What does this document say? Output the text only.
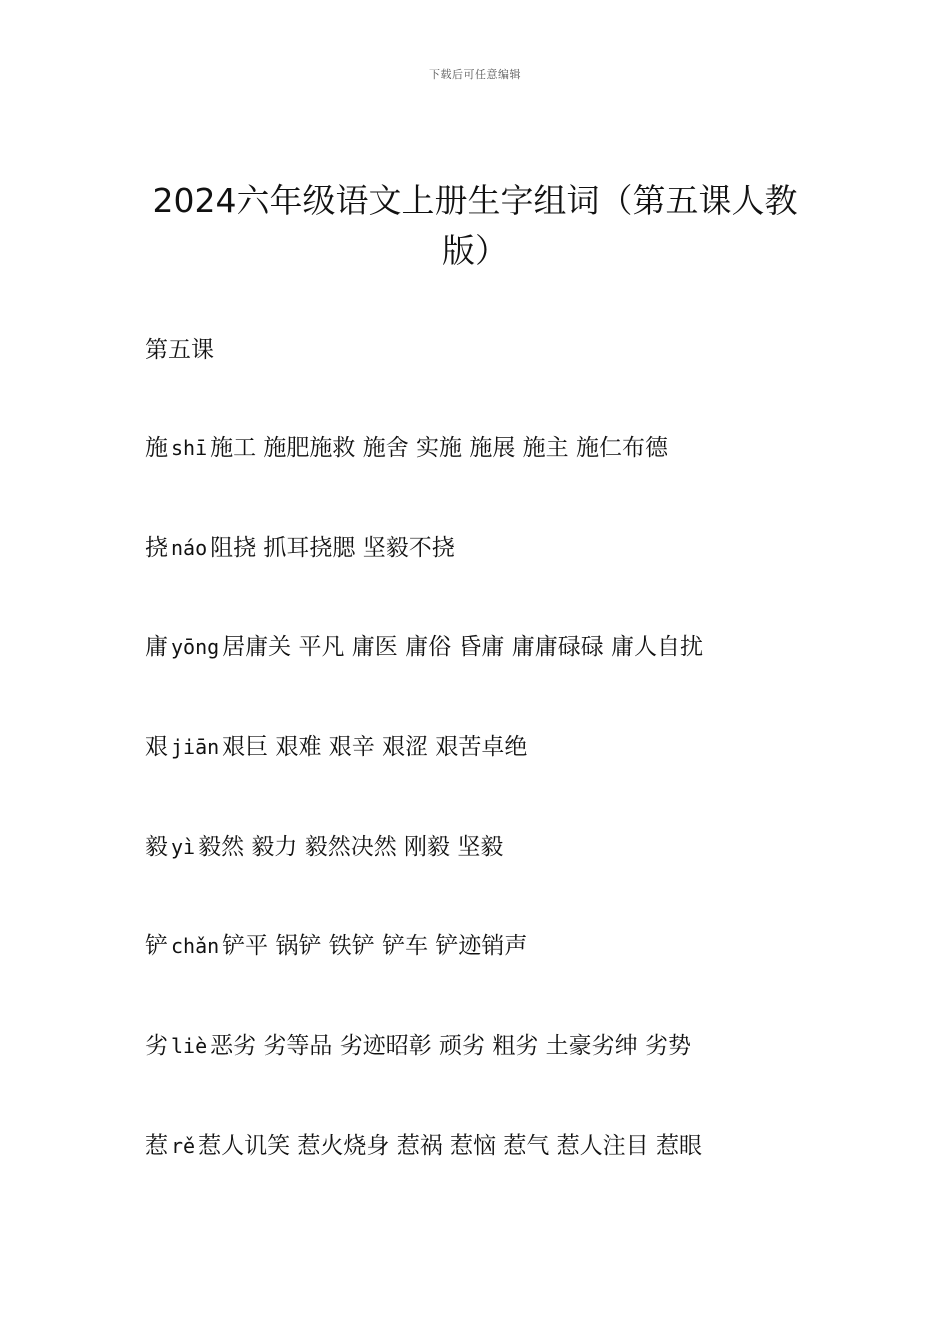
下载后可任意编辑
2024六年级语文上册生字组词（第五课人教版）
第五课
施 shī 施工 施肥施救 施舍 实施 施展 施主 施仁布德
挠 náo 阻挠 抓耳挠腮 坚毅不挠
庸 yōng 居庸关 平凡 庸医 庸俗 昏庸 庸庸碌碌 庸人自扰
艰 jiān 艰巨 艰难 艰辛 艰涩 艰苦卓绝
毅 yì 毅然 毅力 毅然决然 刚毅 坚毅
铲 chǎn 铲平 锅铲 铁铲 铲车 铲迹销声
劣 liè 恶劣 劣等品 劣迹昭彰 顽劣 粗劣 土豪劣绅 劣势
惹 rě 惹人讥笑 惹火烧身 惹祸 惹恼 惹气 惹人注目 惹眼
